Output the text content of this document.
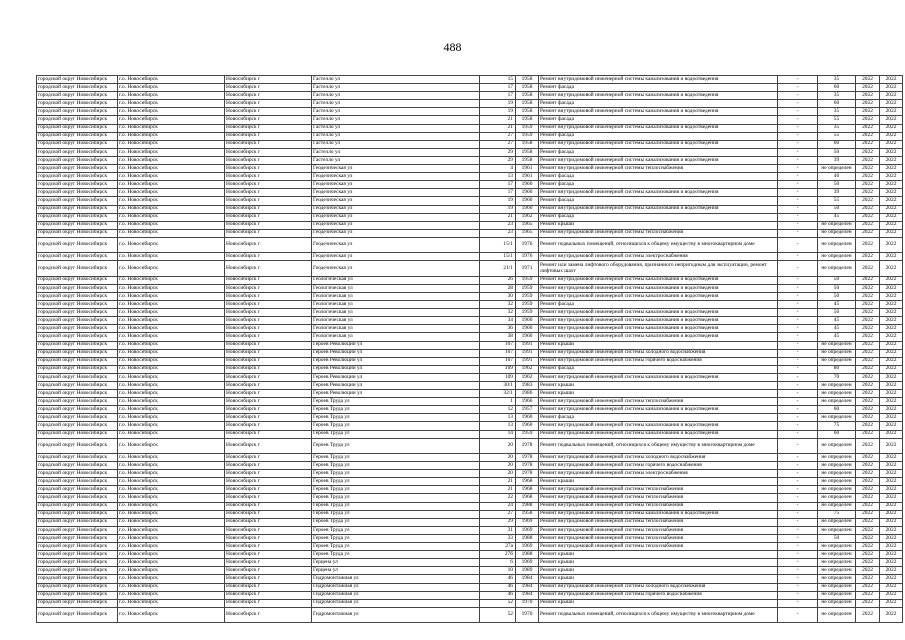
488
городской округ Новосибирск	г.о. Новосибирск	Новосибирск г	Гастелло ул	15	1958	Ремонт внутридомовой инженерной системы канализования и водоотведения	-	35	2022	2022
городской округ Новосибирск	г.о. Новосибирск	Новосибирск г	Гастелло ул	17	1958	Ремонт фасада	-	60	2022	2022
городской округ Новосибирск	г.о. Новосибирск	Новосибирск г	Гастелло ул	17	1958	Ремонт внутридомовой инженерной системы канализования и водоотведения	-	35	2022	2022
городской округ Новосибирск	г.о. Новосибирск	Новосибирск г	Гастелло ул	19	1958	Ремонт фасада	-	60	2022	2022
городской округ Новосибирск	г.о. Новосибирск	Новосибирск г	Гастелло ул	19	1958	Ремонт внутридомовой инженерной системы канализования и водоотведения	-	35	2022	2022
городской округ Новосибирск	г.о. Новосибирск	Новосибирск г	Гастелло ул	21	1958	Ремонт фасада	-	55	2022	2022
городской округ Новосибирск	г.о. Новосибирск	Новосибирск г	Гастелло ул	21	1959	Ремонт внутридомовой инженерной системы канализования и водоотведения	-	35	2022	2022
городской округ Новосибирск	г.о. Новосибирск	Новосибирск г	Гастелло ул	27	1959	Ремонт фасада	-	55	2022	2022
городской округ Новосибирск	г.о. Новосибирск	Новосибирск г	Гастелло ул	27	1958	Ремонт внутридомовой инженерной системы канализования и водоотведения	-	60	2022	2022
городской округ Новосибирск	г.о. Новосибирск	Новосибирск г	Гастелло ул	29	1958	Ремонт фасада	-	50	2022	2022
городской округ Новосибирск	г.о. Новосибирск	Новосибирск г	Гастелло ул	29	1958	Ремонт внутридомовой инженерной системы канализования и водоотведения	-	39	2022	2022
городской округ Новосибирск	г.о. Новосибирск	Новосибирск г	Геодезическая ул	4	1961	Ремонт внутридомовой инженерной системы теплоснабжения	-	не определен	2022	2022
городской округ Новосибирск	г.о. Новосибирск	Новосибирск г	Геодезическая ул	13	1961	Ремонт фасада	-	40	2022	2022
городской округ Новосибирск	г.о. Новосибирск	Новосибирск г	Геодезическая ул	17	1960	Ремонт фасада	-	50	2022	2022
городской округ Новосибирск	г.о. Новосибирск	Новосибирск г	Геодезическая ул	17	1960	Ремонт внутридомовой инженерной системы канализования и водоотведения	-	39	2022	2022
городской округ Новосибирск	г.о. Новосибирск	Новосибирск г	Геодезическая ул	19	1960	Ремонт фасада	-	55	2022	2022
городской округ Новосибирск	г.о. Новосибирск	Новосибирск г	Геодезическая ул	19	1960	Ремонт внутридомовой инженерной системы канализования и водоотведения	-	50	2022	2022
городской округ Новосибирск	г.о. Новосибирск	Новосибирск г	Геодезическая ул	21	1962	Ремонт фасада	-	45	2022	2022
городской округ Новосибирск	г.о. Новосибирск	Новосибирск г	Геодезическая ул	23	1965	Ремонт крыши	-	не определен	2022	2022
городской округ Новосибирск	г.о. Новосибирск	Новосибирск г	Геодезическая ул	23	1965	Ремонт внутридомовой инженерной системы теплоснабжения	-	не определен	2022	2022
городской округ Новосибирск	г.о. Новосибирск	Новосибирск г	Геодезическая ул	15/1	1976	Ремонт подвальных помещений, относящихся к общему имуществу в многоквартирном доме	-	не определен	2022	2022
городской округ Новосибирск	г.о. Новосибирск	Новосибирск г	Геодезическая ул	15/1	1976	Ремонт внутридомовой инженерной системы электроснабжения	-	не определен	2022	2022
городской округ Новосибирск	г.о. Новосибирск	Новосибирск г	Геодезическая ул	21/1	1971	Ремонт или замена лифтового оборудования, признанного непригодным для эксплуатации, ремонт лифтовых шахт	-	не определен	2022	2022
городской округ Новосибирск	г.о. Новосибирск	Новосибирск г	Геологическая ул	26	1959	Ремонт внутридомовой инженерной системы канализования и водоотведения	-	50	2022	2022
городской округ Новосибирск	г.о. Новосибирск	Новосибирск г	Геологическая ул	28	1959	Ремонт внутридомовой инженерной системы канализования и водоотведения	-	50	2022	2022
городской округ Новосибирск	г.о. Новосибирск	Новосибирск г	Геологическая ул	30	1959	Ремонт внутридомовой инженерной системы канализования и водоотведения	-	50	2022	2022
городской округ Новосибирск	г.о. Новосибирск	Новосибирск г	Геологическая ул	32	1959	Ремонт фасада	-	45	2022	2022
городской округ Новосибирск	г.о. Новосибирск	Новосибирск г	Геологическая ул	32	1959	Ремонт внутридомовой инженерной системы канализования и водоотведения	-	50	2022	2022
городской округ Новосибирск	г.о. Новосибирск	Новосибирск г	Геологическая ул	34	1960	Ремонт внутридомовой инженерной системы канализования и водоотведения	-	45	2022	2022
городской округ Новосибирск	г.о. Новосибирск	Новосибирск г	Геологическая ул	36	1960	Ремонт внутридомовой инженерной системы канализования и водоотведения	-	45	2022	2022
городской округ Новосибирск	г.о. Новосибирск	Новосибирск г	Геологическая ул	38	1960	Ремонт внутридомовой инженерной системы канализования и водоотведения	-	45	2022	2022
городской округ Новосибирск	г.о. Новосибирск	Новосибирск г	Героев Революции ул	107	1991	Ремонт крыши	-	не определен	2022	2022
городской округ Новосибирск	г.о. Новосибирск	Новосибирск г	Героев Революции ул	107	1991	Ремонт внутридомовой инженерной системы холодного водоснабжения	-	не определен	2022	2022
городской округ Новосибирск	г.о. Новосибирск	Новосибирск г	Героев Революции ул	107	1991	Ремонт внутридомовой инженерной системы горячего водоснабжения	-	не определен	2022	2022
городской округ Новосибирск	г.о. Новосибирск	Новосибирск г	Героев Революции ул	109	1962	Ремонт фасада	-	80	2022	2022
городской округ Новосибирск	г.о. Новосибирск	Новосибирск г	Героев Революции ул	109	1962	Ремонт внутридомовой инженерной системы канализования и водоотведения	-	70	2022	2022
городской округ Новосибирск	г.о. Новосибирск	Новосибирск г	Героев Революции ул	30/1	1983	Ремонт крыши	-	не определен	2022	2022
городской округ Новосибирск	г.о. Новосибирск	Новосибирск г	Героев Революции ул	32/1	1986	Ремонт крыши	-	не определен	2022	2022
городской округ Новосибирск	г.о. Новосибирск	Новосибирск г	Героев Труда ул	1	1966	Ремонт внутридомовой инженерной системы теплоснабжения	-	не определен	2022	2022
городской округ Новосибирск	г.о. Новосибирск	Новосибирск г	Героев Труда ул	12	1957	Ремонт внутридомовой инженерной системы канализования и водоотведения	-	60	2022	2022
городской округ Новосибирск	г.о. Новосибирск	Новосибирск г	Героев Труда ул	13	1960	Ремонт фасада	-	не определен	2022	2022
городской округ Новосибирск	г.о. Новосибирск	Новосибирск г	Героев Труда ул	13	1960	Ремонт внутридомовой инженерной системы канализования и водоотведения	-	75	2022	2022
городской округ Новосибирск	г.о. Новосибирск	Новосибирск г	Героев Труда ул	14	1959	Ремонт внутридомовой инженерной системы канализования и водоотведения	-	60	2022	2022
городской округ Новосибирск	г.о. Новосибирск	Новосибирск г	Героев Труда ул	20	1978	Ремонт подвальных помещений, относящихся к общему имуществу в многоквартирном доме	-	не определен	2022	2022
городской округ Новосибирск	г.о. Новосибирск	Новосибирск г	Героев Труда ул	20	1978	Ремонт внутридомовой инженерной системы холодного водоснабжения	-	не определен	2022	2022
городской округ Новосибирск	г.о. Новосибирск	Новосибирск г	Героев Труда ул	20	1978	Ремонт внутридомовой инженерной системы горячего водоснабжения	-	не определен	2022	2022
городской округ Новосибирск	г.о. Новосибирск	Новосибирск г	Героев Труда ул	20	1978	Ремонт внутридомовой инженерной системы электроснабжения	-	не определен	2022	2022
городской округ Новосибирск	г.о. Новосибирск	Новосибирск г	Героев Труда ул	21	1968	Ремонт крыши	-	не определен	2022	2022
городской округ Новосибирск	г.о. Новосибирск	Новосибирск г	Героев Труда ул	21	1968	Ремонт внутридомовой инженерной системы теплоснабжения	-	не определен	2022	2022
городской округ Новосибирск	г.о. Новосибирск	Новосибирск г	Героев Труда ул	22	1968	Ремонт внутридомовой инженерной системы теплоснабжения	-	не определен	2022	2022
городской округ Новосибирск	г.о. Новосибирск	Новосибирск г	Героев Труда ул	24	1988	Ремонт внутридомовой инженерной системы теплоснабжения	-	не определен	2022	2022
городской округ Новосибирск	г.о. Новосибирск	Новосибирск г	Героев Труда ул	27	1958	Ремонт внутридомовой инженерной системы канализования и водоотведения	-	75	2022	2022
городской округ Новосибирск	г.о. Новосибирск	Новосибирск г	Героев Труда ул	29	1969	Ремонт внутридомовой инженерной системы теплоснабжения	-	не определен	2022	2022
городской округ Новосибирск	г.о. Новосибирск	Новосибирск г	Героев Труда ул	31	1969	Ремонт внутридомовой инженерной системы теплоснабжения	-	не определен	2022	2022
городской округ Новосибирск	г.о. Новосибирск	Новосибирск г	Героев Труда ул	33	1988	Ремонт внутридомовой инженерной системы теплоснабжения	-	50	2022	2022
городской округ Новосибирск	г.о. Новосибирск	Новосибирск г	Героев Труда ул	27а	1969	Ремонт внутридомовой инженерной системы теплоснабжения	-	не определен	2022	2022
городской округ Новосибирск	г.о. Новосибирск	Новосибирск г	Героев Труда ул	27б	1988	Ремонт крыши	-	не определен	2022	2022
городской округ Новосибирск	г.о. Новосибирск	Новосибирск г	Герцена ул	6	1969	Ремонт крыши	-	не определен	2022	2022
городской округ Новосибирск	г.о. Новосибирск	Новосибирск г	Герцена ул	10	1989	Ремонт крыши	-	не определен	2022	2022
городской округ Новосибирск	г.о. Новосибирск	Новосибирск г	Гидромонтажная ул	46	1984	Ремонт крыши	-	не определен	2022	2022
городской округ Новосибирск	г.о. Новосибирск	Новосибирск г	Гидромонтажная ул	46	1984	Ремонт внутридомовой инженерной системы холодного водоснабжения	-	не определен	2022	2022
городской округ Новосибирск	г.о. Новосибирск	Новосибирск г	Гидромонтажная ул	46	1984	Ремонт внутридомовой инженерной системы горячего водоснабжения	-	не определен	2022	2022
городской округ Новосибирск	г.о. Новосибирск	Новосибирск г	Гидромонтажная ул	52	1970	Ремонт крыши	-	не определен	2022	2022
городской округ Новосибирск	г.о. Новосибирск	Новосибирск г	Гидромонтажная ул	52	1970	Ремонт подвальных помещений, относящихся к общему имуществу в многоквартирном доме	-	не определен	2022	2022
